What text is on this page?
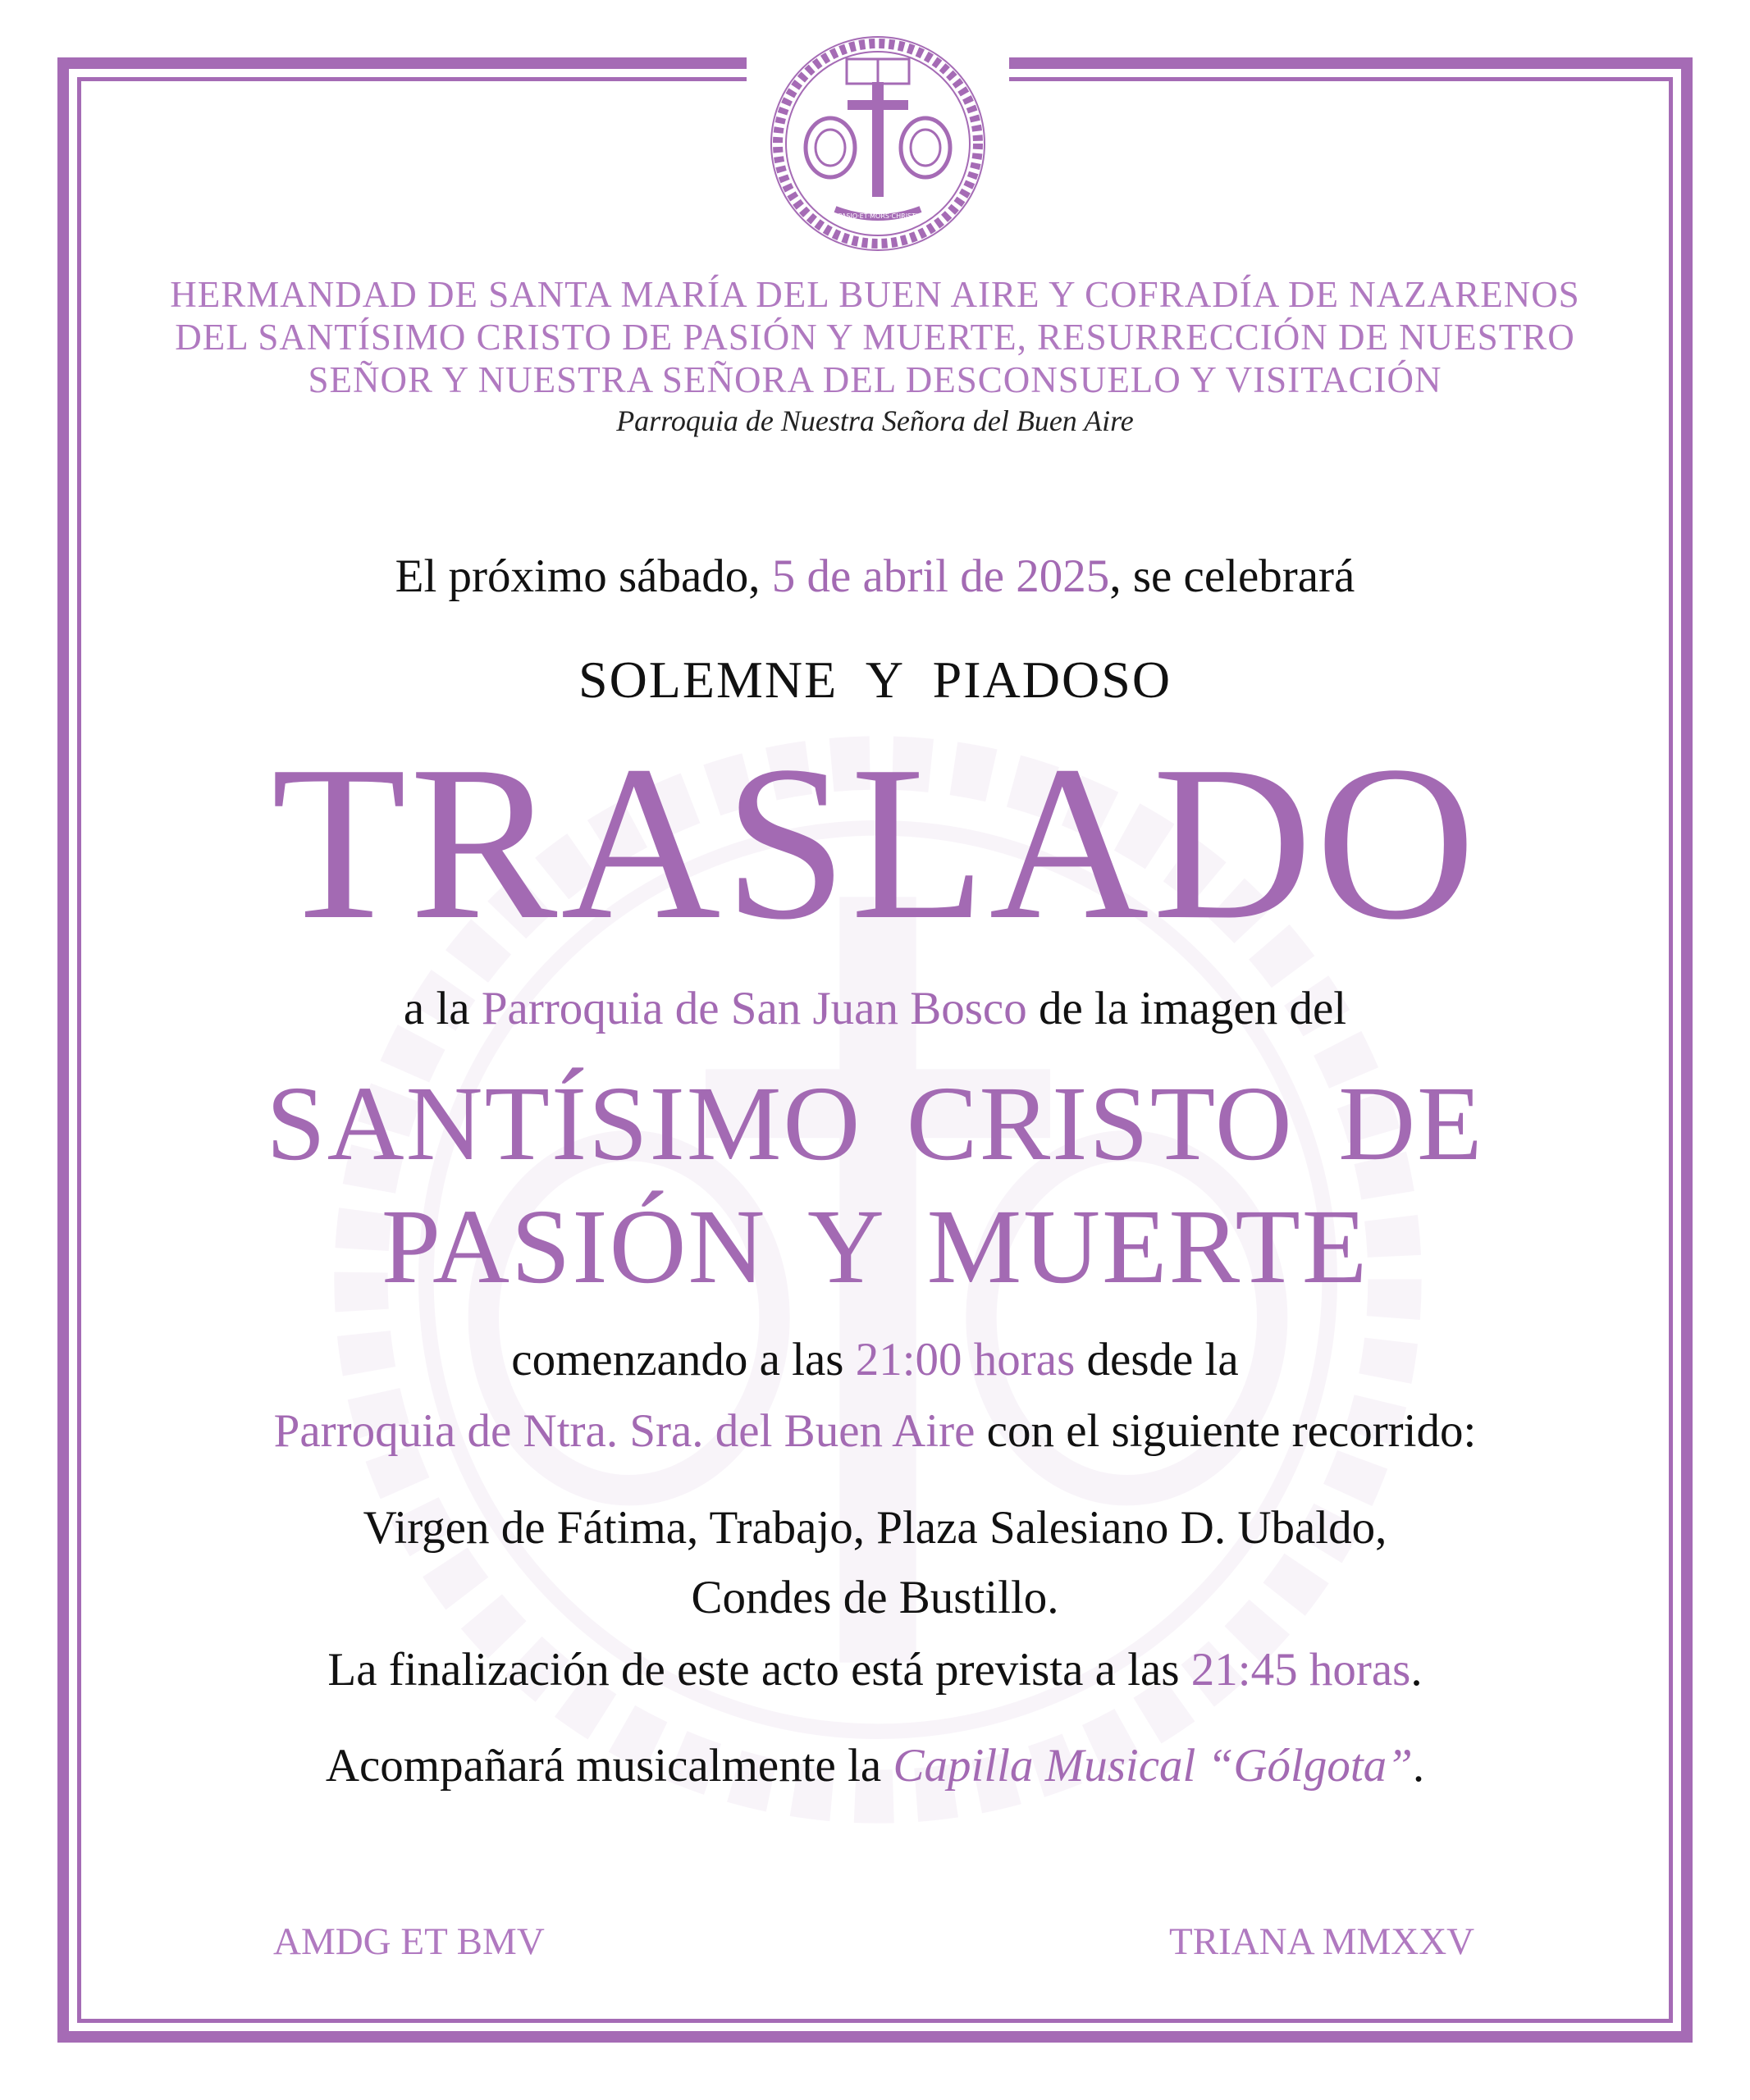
PASIO·ET·MORS·CHRISTI
HERMANDAD DE SANTA MARÍA DEL BUEN AIRE Y COFRADÍA DE NAZARENOS
DEL SANTÍSIMO CRISTO DE PASIÓN Y MUERTE, RESURRECCIÓN DE NUESTRO
SEÑOR Y NUESTRA SEÑORA DEL DESCONSUELO Y VISITACIÓN
Parroquia de Nuestra Señora del Buen Aire
El próximo sábado, 5 de abril de 2025, se celebrará
SOLEMNE Y PIADOSO
TRASLADO
a la Parroquia de San Juan Bosco de la imagen del
SANTÍSIMO CRISTO DE
PASIÓN Y MUERTE
comenzando a las 21:00 horas desde la
Parroquia de Ntra. Sra. del Buen Aire con el siguiente recorrido:
Virgen de Fátima, Trabajo, Plaza Salesiano D. Ubaldo,
Condes de Bustillo.
La finalización de este acto está prevista a las 21:45 horas.
Acompañará musicalmente la Capilla Musical “Gólgota”.
AMDG ET BMV	TRIANA MMXXV
